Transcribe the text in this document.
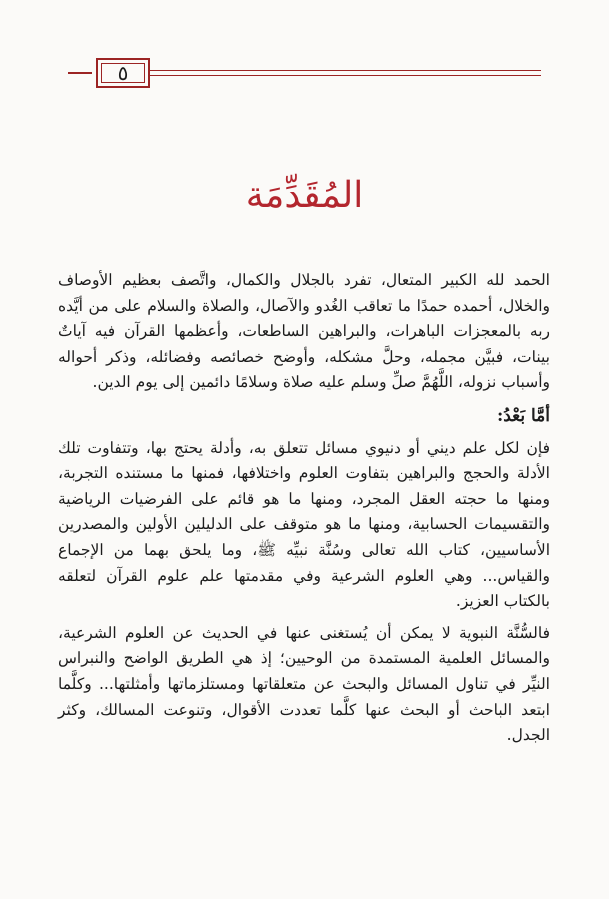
٥
المُقَدِّمَة

الحمد لله الكبير المتعال، تفرد بالجلال والكمال، واتَّصف بعظيم الأوصاف والخلال، أحمده حمدًا ما تعاقب الغُدو والآصال، والصلاة والسلام على من أيَّده ربه بالمعجزات الباهرات، والبراهين الساطعات، وأعظمها القرآن فيه آياتٌ بينات، فبيَّن مجمله، وحلَّ مشكله، وأوضح خصائصه وفضائله، وذكر أحواله وأسباب نزوله، اللَّهُمَّ صلِّ وسلم عليه صلاة وسلامًا دائمين إلى يوم الدين.

أمَّا بَعْدُ:

فإن لكل علم ديني أو دنيوي مسائل تتعلق به، وأدلة يحتج بها، وتتفاوت تلك الأدلة والحجج والبراهين بتفاوت العلوم واختلافها، فمنها ما مستنده التجربة، ومنها ما حجته العقل المجرد، ومنها ما هو قائم على الفرضيات الرياضية والتقسيمات الحسابية، ومنها ما هو متوقف على الدليلين الأولين والمصدرين الأساسيين، كتاب الله تعالى وسُنَّة نبيِّه ﷺ، وما يلحق بهما من الإجماع والقياس... وهي العلوم الشرعية وفي مقدمتها علم علوم القرآن لتعلقه بالكتاب العزيز.

فالسُّنَّة النبوية لا يمكن أن يُستغنى عنها في الحديث عن العلوم الشرعية، والمسائل العلمية المستمدة من الوحيين؛ إذ هي الطريق الواضح والنبراس النيِّر في تناول المسائل والبحث عن متعلقاتها ومستلزماتها وأمثلتها... وكلَّما ابتعد الباحث أو البحث عنها كلَّما تعددت الأقوال، وتنوعت المسالك، وكثر الجدل.
